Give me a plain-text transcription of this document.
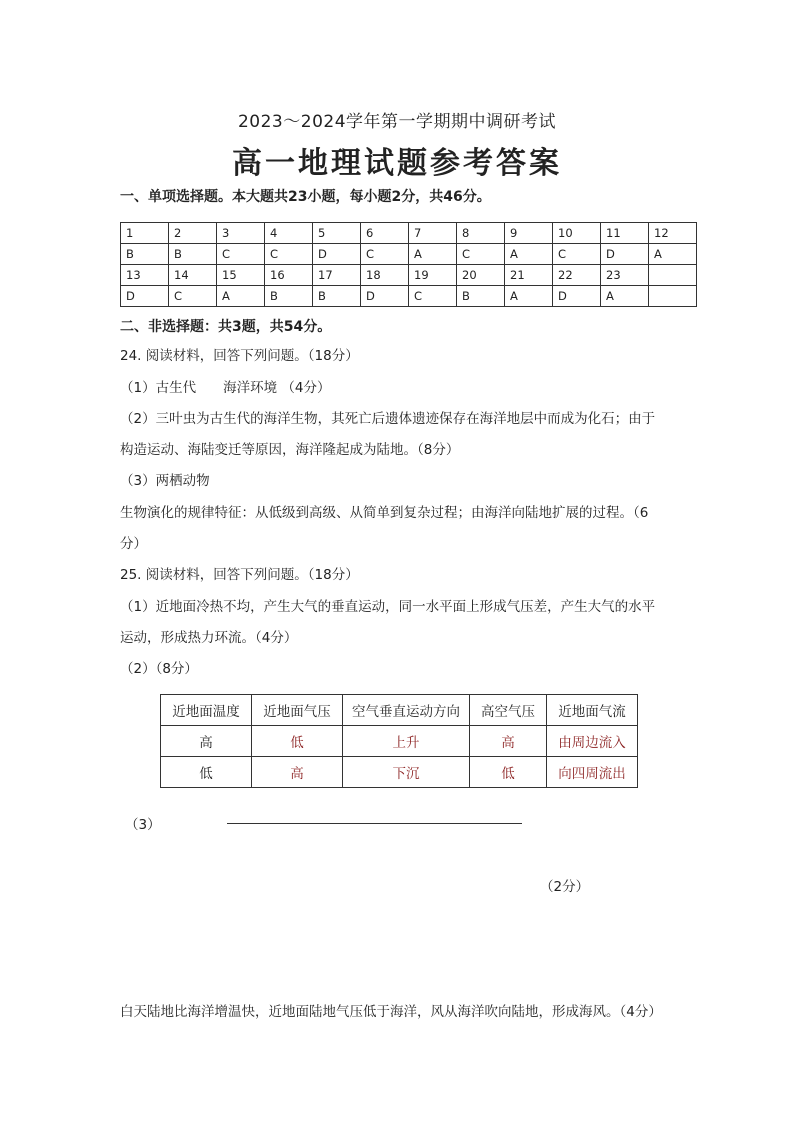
2023～2024学年第一学期期中调研考试
高一地理试题参考答案
一、单项选择题。本大题共23小题，每小题2分，共46分。
1	2	3	4	5	6	7	8	9	10	11	12
B	B	C	C	D	C	A	C	A	C	D	A
13	14	15	16	17	18	19	20	21	22	23	
D	C	A	B	B	D	C	B	A	D	A	
二、非选择题：共3题，共54分。
24. 阅读材料，回答下列问题。（18分）
（1）古生代　　海洋环境 （4分）
（2）三叶虫为古生代的海洋生物，其死亡后遗体遗迹保存在海洋地层中而成为化石；由于
构造运动、海陆变迁等原因，海洋隆起成为陆地。（8分）
（3）两栖动物
生物演化的规律特征：从低级到高级、从简单到复杂过程；由海洋向陆地扩展的过程。（6
分）
25. 阅读材料，回答下列问题。（18分）
（1）近地面冷热不均，产生大气的垂直运动，同一水平面上形成气压差，产生大气的水平
运动，形成热力环流。（4分）
（2）（8分）
近地面温度	近地面气压	空气垂直运动方向	高空气压	近地面气流
高	低	上升	高	由周边流入
低	高	下沉	低	向四周流出
（3）
（2分）
白天陆地比海洋增温快，近地面陆地气压低于海洋，风从海洋吹向陆地，形成海风。（4分）
